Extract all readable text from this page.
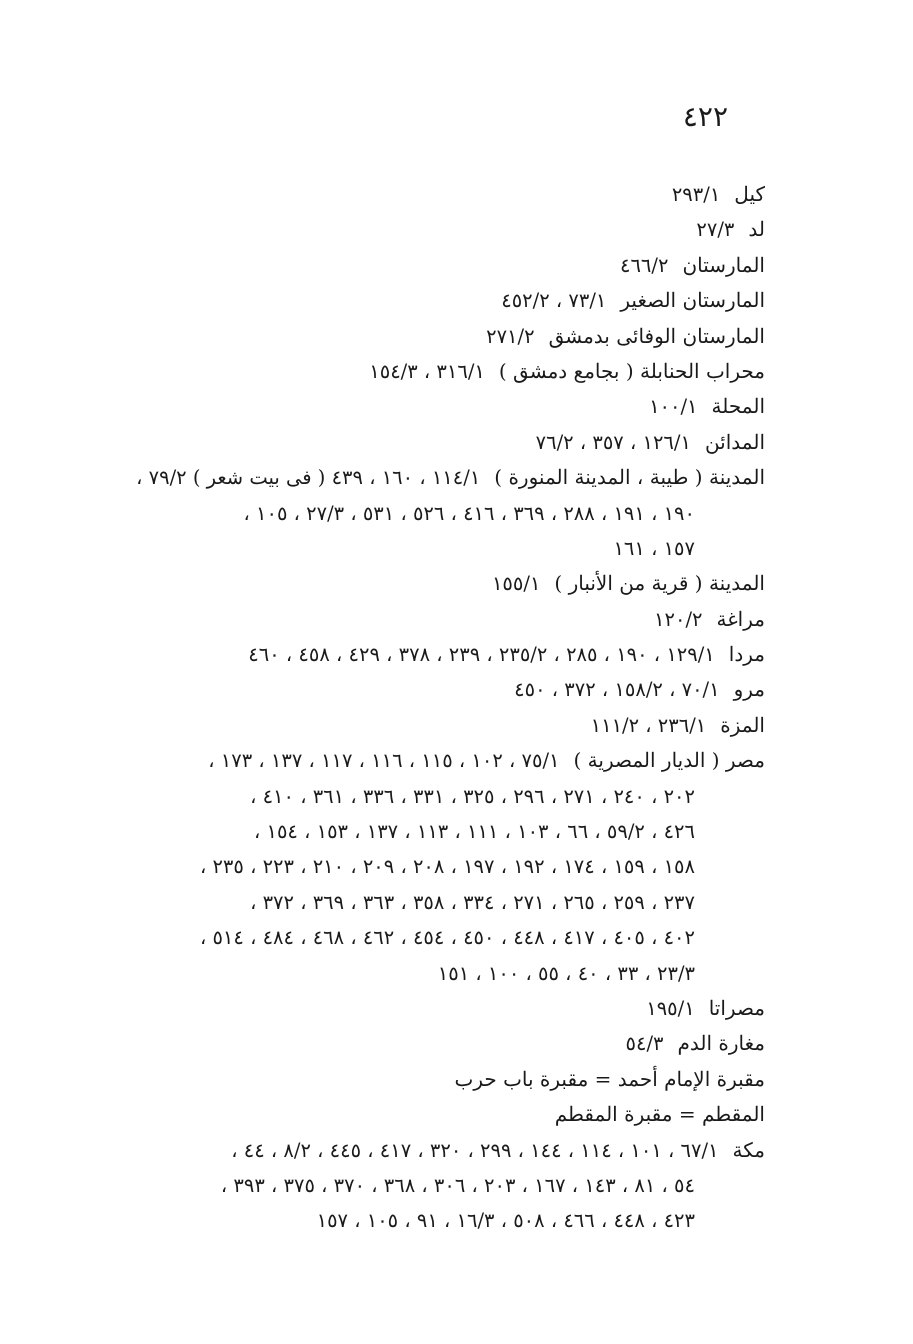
٤٢٢
كيل٢٩٣/١
لد٢٧/٣
المارستان٤٦٦/٢
المارستان الصغير٧٣/١ ، ٤٥٢/٢
المارستان الوفائى بدمشق٢٧١/٢
محراب الحنابلة ( بجامع دمشق )٣١٦/١ ، ١٥٤/٣
المحلة١٠٠/١
المدائن١٢٦/١ ، ٣٥٧ ، ٧٦/٢
المدينة ( طيبة ، المدينة المنورة )١١٤/١ ، ١٦٠ ، ٤٣٩ ( فى بيت شعر ) ٧٩/٢ ،
١٩٠ ، ١٩١ ، ٢٨٨ ، ٣٦٩ ، ٤١٦ ، ٥٢٦ ، ٥٣١ ، ٢٧/٣ ، ١٠٥ ،
١٥٧ ، ١٦١
المدينة ( قرية من الأنبار )١٥٥/١
مراغة١٢٠/٢
مردا١٢٩/١ ، ١٩٠ ، ٢٨٥ ، ٢٣٥/٢ ، ٢٣٩ ، ٣٧٨ ، ٤٢٩ ، ٤٥٨ ، ٤٦٠
مرو٧٠/١ ، ١٥٨/٢ ، ٣٧٢ ، ٤٥٠
المزة٢٣٦/١ ، ١١١/٢
مصر ( الديار المصرية )٧٥/١ ، ١٠٢ ، ١١٥ ، ١١٦ ، ١١٧ ، ١٣٧ ، ١٧٣ ،
٢٠٢ ، ٢٤٠ ، ٢٧١ ، ٢٩٦ ، ٣٢٥ ، ٣٣١ ، ٣٣٦ ، ٣٦١ ، ٤١٠ ،
٤٢٦ ، ٥٩/٢ ، ٦٦ ، ١٠٣ ، ١١١ ، ١١٣ ، ١٣٧ ، ١٥٣ ، ١٥٤ ،
١٥٨ ، ١٥٩ ، ١٧٤ ، ١٩٢ ، ١٩٧ ، ٢٠٨ ، ٢٠٩ ، ٢١٠ ، ٢٢٣ ، ٢٣٥ ،
٢٣٧ ، ٢٥٩ ، ٢٦٥ ، ٢٧١ ، ٣٣٤ ، ٣٥٨ ، ٣٦٣ ، ٣٦٩ ، ٣٧٢ ،
٤٠٢ ، ٤٠٥ ، ٤١٧ ، ٤٤٨ ، ٤٥٠ ، ٤٥٤ ، ٤٦٢ ، ٤٦٨ ، ٤٨٤ ، ٥١٤ ،
٢٣/٣ ، ٣٣ ، ٤٠ ، ٥٥ ، ١٠٠ ، ١٥١
مصراتا١٩٥/١
مغارة الدم٥٤/٣
مقبرة الإمام أحمد = مقبرة باب حرب
المقطم = مقبرة المقطم
مكة٦٧/١ ، ١٠١ ، ١١٤ ، ١٤٤ ، ٢٩٩ ، ٣٢٠ ، ٤١٧ ، ٤٤٥ ، ٨/٢ ، ٤٤ ،
٥٤ ، ٨١ ، ١٤٣ ، ١٦٧ ، ٢٠٣ ، ٣٠٦ ، ٣٦٨ ، ٣٧٠ ، ٣٧٥ ، ٣٩٣ ،
٤٢٣ ، ٤٤٨ ، ٤٦٦ ، ٥٠٨ ، ١٦/٣ ، ٩١ ، ١٠٥ ، ١٥٧
